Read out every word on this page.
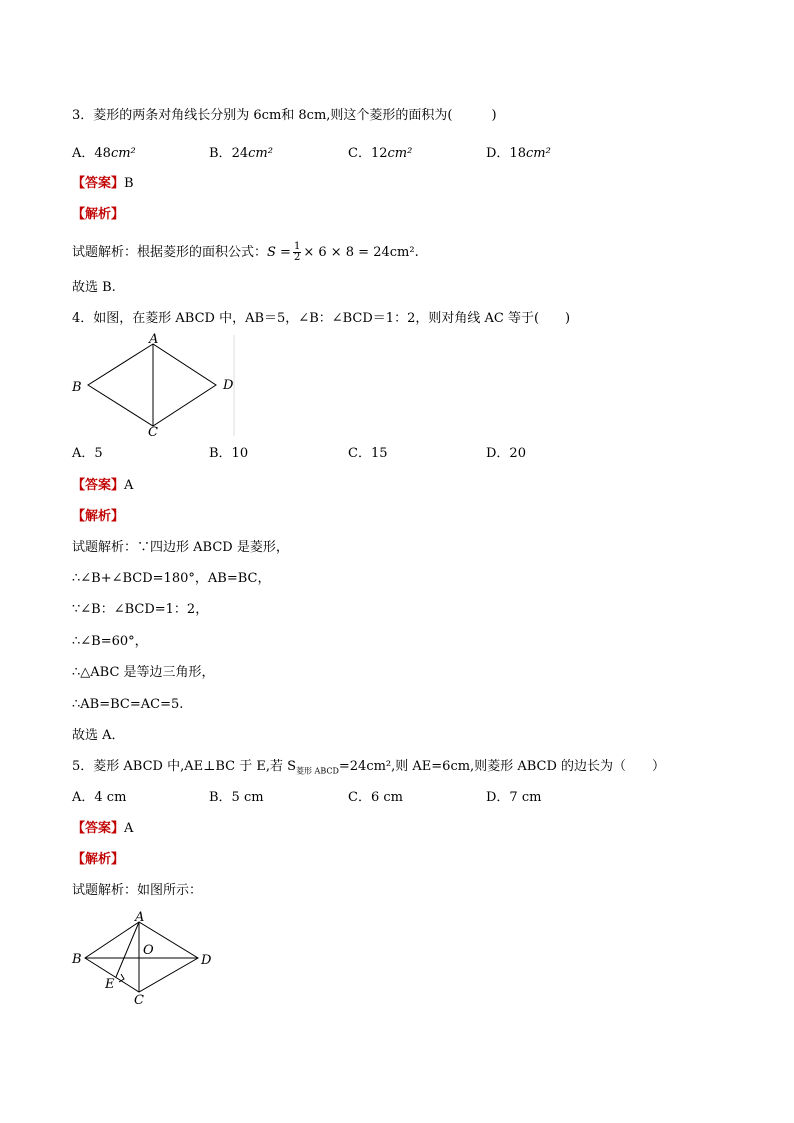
3．菱形的两条对角线长分别为 6cm和 8cm,则这个菱形的面积为(　　　)
A．48cm²	B．24cm²	C．12cm²	D．18cm²
【答案】B
【解析】
试题解析：根据菱形的面积公式：$S = \frac{1}{2} \times 6 \times 8 = 24cm^2$.
故选 B.
4．如图，在菱形 ABCD 中，AB＝5，∠B：∠BCD＝1：2，则对角线 AC 等于(　　)
A
B
C
D
A．5	B．10	C．15	D．20
【答案】A
【解析】
试题解析：∵四边形 ABCD 是菱形，
∴∠B+∠BCD=180°，AB=BC，
∵∠B：∠BCD=1：2，
∴∠B=60°，
∴△ABC 是等边三角形，
∴AB=BC=AC=5.
故选 A．
5．菱形 ABCD 中,AE⊥BC 于 E,若 $S_{菱形 ABCD}=24cm^2$,则 AE=6cm,则菱形 ABCD 的边长为（　　）
A．4 cm	B．5 cm	C．6 cm	D．7 cm
【答案】A
【解析】
试题解析：如图所示：
A
B
C
D
E
O
